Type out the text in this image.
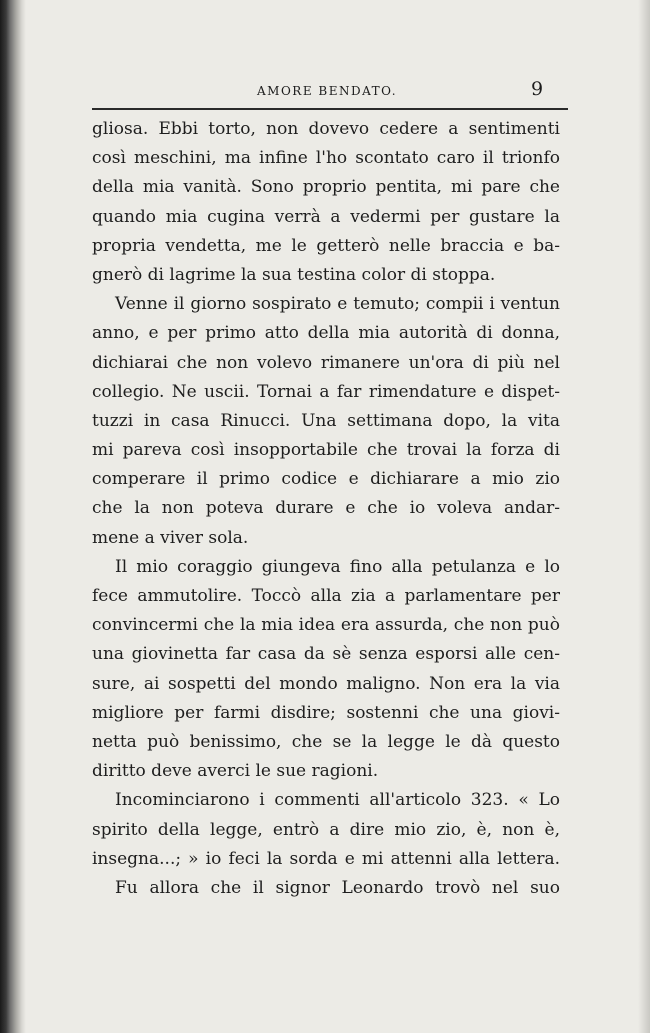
AMORE BENDATO.	9
gliosa. Ebbi torto, non dovevo cedere a sentimenti
così meschini, ma infine l'ho scontato caro il trionfo
della mia vanità. Sono proprio pentita, mi pare che
quando mia cugina verrà a vedermi per gustare la
propria vendetta, me le getterò nelle braccia e ba-
gnerò di lagrime la sua testina color di stoppa.
Venne il giorno sospirato e temuto; compii i ventun
anno, e per primo atto della mia autorità di donna,
dichiarai che non volevo rimanere un'ora di più nel
collegio. Ne uscii. Tornai a far rimendature e dispet-
tuzzi in casa Rinucci. Una settimana dopo, la vita
mi pareva così insopportabile che trovai la forza di
comperare il primo codice e dichiarare a mio zio
che la non poteva durare e che io voleva andar-
mene a viver sola.
Il mio coraggio giungeva fino alla petulanza e lo
fece ammutolire. Toccò alla zia a parlamentare per
convincermi che la mia idea era assurda, che non può
una giovinetta far casa da sè senza esporsi alle cen-
sure, ai sospetti del mondo maligno. Non era la via
migliore per farmi disdire; sostenni che una giovi-
netta può benissimo, che se la legge le dà questo
diritto deve averci le sue ragioni.
Incominciarono i commenti all'articolo 323. « Lo
spirito della legge, entrò a dire mio zio, è, non è,
insegna...; » io feci la sorda e mi attenni alla lettera.
Fu allora che il signor Leonardo trovò nel suo
